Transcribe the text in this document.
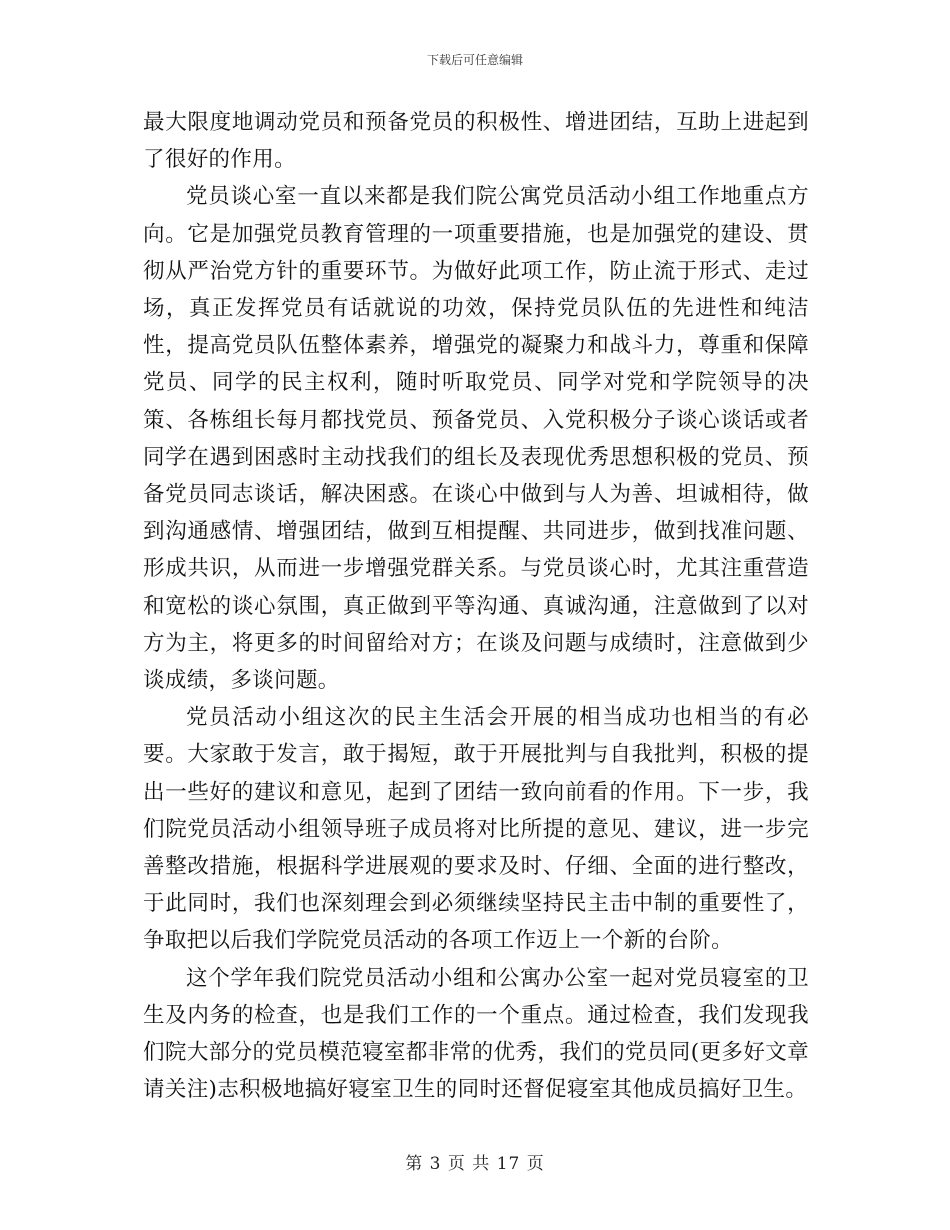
下载后可任意编辑

最大限度地调动党员和预备党员的积极性、增进团结，互助上进起到了很好的作用。

党员谈心室一直以来都是我们院公寓党员活动小组工作地重点方向。它是加强党员教育管理的一项重要措施，也是加强党的建设、贯彻从严治党方针的重要环节。为做好此项工作，防止流于形式、走过场，真正发挥党员有话就说的功效，保持党员队伍的先进性和纯洁性，提高党员队伍整体素养，增强党的凝聚力和战斗力，尊重和保障党员、同学的民主权利，随时听取党员、同学对党和学院领导的决策、各栋组长每月都找党员、预备党员、入党积极分子谈心谈话或者同学在遇到困惑时主动找我们的组长及表现优秀思想积极的党员、预备党员同志谈话，解决困惑。在谈心中做到与人为善、坦诚相待，做到沟通感情、增强团结，做到互相提醒、共同进步，做到找准问题、形成共识，从而进一步增强党群关系。与党员谈心时，尤其注重营造和宽松的谈心氛围，真正做到平等沟通、真诚沟通，注意做到了以对方为主，将更多的时间留给对方；在谈及问题与成绩时，注意做到少谈成绩，多谈问题。

党员活动小组这次的民主生活会开展的相当成功也相当的有必要。大家敢于发言，敢于揭短，敢于开展批判与自我批判，积极的提出一些好的建议和意见，起到了团结一致向前看的作用。下一步，我们院党员活动小组领导班子成员将对比所提的意见、建议，进一步完善整改措施，根据科学进展观的要求及时、仔细、全面的进行整改，于此同时，我们也深刻理会到必须继续坚持民主击中制的重要性了，争取把以后我们学院党员活动的各项工作迈上一个新的台阶。

这个学年我们院党员活动小组和公寓办公室一起对党员寝室的卫生及内务的检查，也是我们工作的一个重点。通过检查，我们发现我们院大部分的党员模范寝室都非常的优秀，我们的党员同(更多好文章请关注)志积极地搞好寝室卫生的同时还督促寝室其他成员搞好卫生。

第 3 页 共 17 页
